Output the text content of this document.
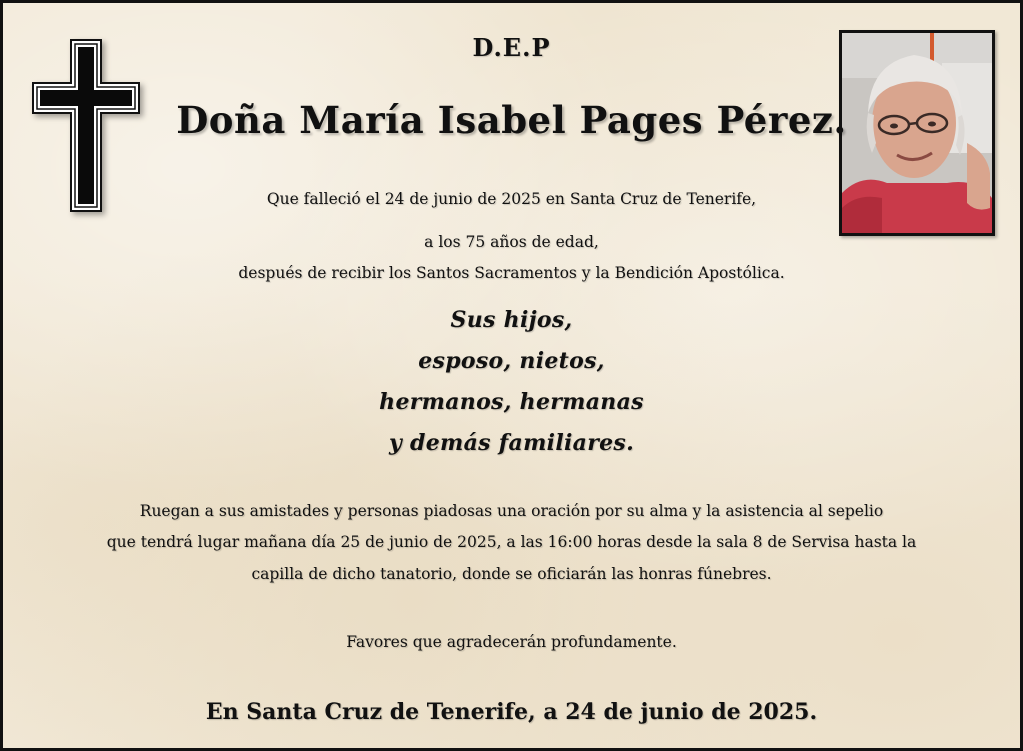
D.E.P
Doña María Isabel Pages Pérez.
Que falleció el 24 de junio de 2025 en Santa Cruz de Tenerife,
a los 75 años de edad,
después de recibir los Santos Sacramentos y la Bendición Apostólica.
Sus hijos,
esposo, nietos,
hermanos, hermanas
y demás familiares.
Ruegan a sus amistades y personas piadosas una oración por su alma y la asistencia al sepelio
que tendrá lugar mañana día 25 de junio de 2025, a las 16:00 horas desde la sala 8 de Servisa hasta la
capilla de dicho tanatorio, donde se oficiarán las honras fúnebres.
Favores que agradecerán profundamente.
En Santa Cruz de Tenerife, a 24 de junio de 2025.
